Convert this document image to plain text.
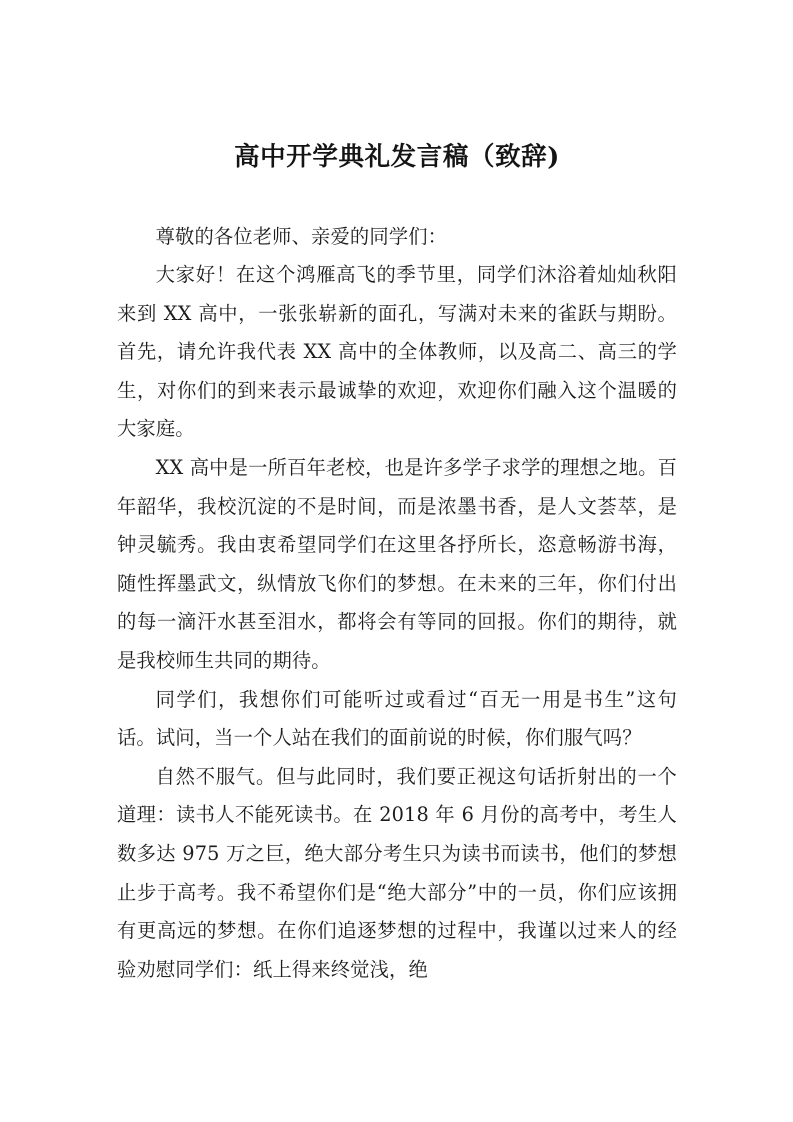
高中开学典礼发言稿（致辞)

尊敬的各位老师、亲爱的同学们：

大家好！在这个鸿雁高飞的季节里，同学们沐浴着灿灿秋阳来到 XX 高中，一张张崭新的面孔，写满对未来的雀跃与期盼。首先，请允许我代表 XX 高中的全体教师，以及高二、高三的学生，对你们的到来表示最诚挚的欢迎，欢迎你们融入这个温暖的大家庭。

XX 高中是一所百年老校，也是许多学子求学的理想之地。百年韶华，我校沉淀的不是时间，而是浓墨书香，是人文荟萃，是钟灵毓秀。我由衷希望同学们在这里各抒所长，恣意畅游书海，随性挥墨武文，纵情放飞你们的梦想。在未来的三年，你们付出的每一滴汗水甚至泪水，都将会有等同的回报。你们的期待，就是我校师生共同的期待。

同学们，我想你们可能听过或看过“百无一用是书生”这句话。试问，当一个人站在我们的面前说的时候，你们服气吗？

自然不服气。但与此同时，我们要正视这句话折射出的一个道理：读书人不能死读书。在 2018 年 6 月份的高考中，考生人数多达 975 万之巨，绝大部分考生只为读书而读书，他们的梦想止步于高考。我不希望你们是“绝大部分”中的一员，你们应该拥有更高远的梦想。在你们追逐梦想的过程中，我谨以过来人的经验劝慰同学们：纸上得来终觉浅，绝
